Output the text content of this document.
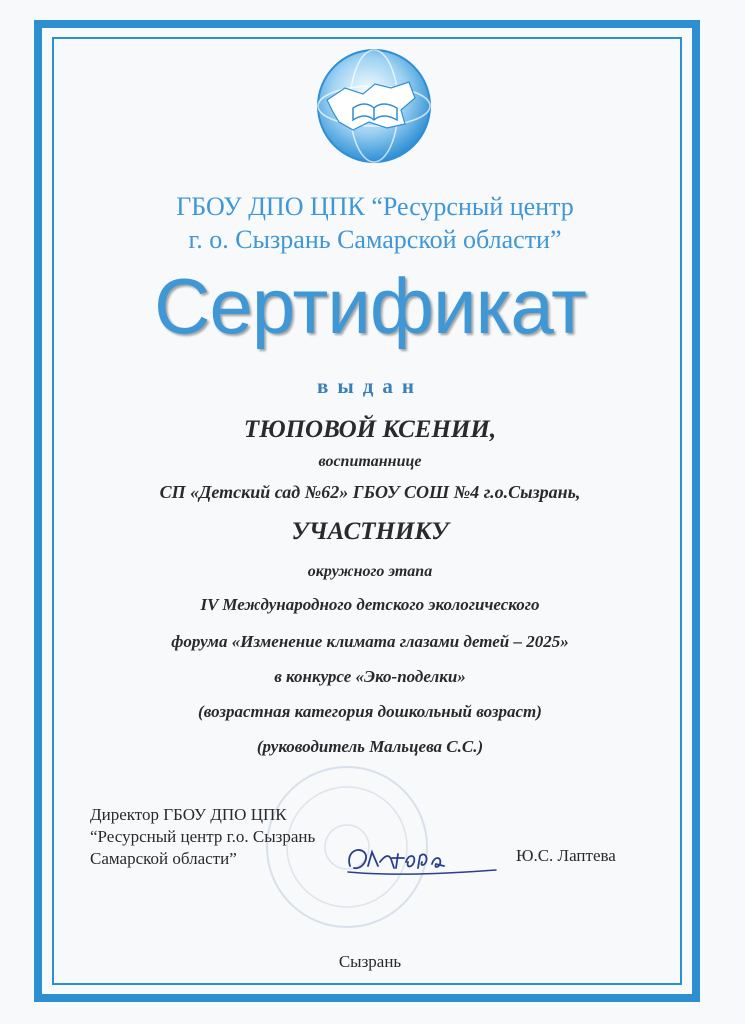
ГБОУ ДПО ЦПК “Ресурсный центр
г. о. Сызрань Самарской области”
Сертификат
выдан
ТЮПОВОЙ КСЕНИИ,
воспитаннице
СП «Детский сад №62» ГБОУ СОШ №4 г.о.Сызрань,
УЧАСТНИКУ
окружного этапа
IV Международного детского экологического
форума «Изменение климата глазами детей – 2025»
в конкурсе «Эко-поделки»
(возрастная категория дошкольный возраст)
(руководитель Мальцева С.С.)
Директор ГБОУ ДПО ЦПК
“Ресурсный центр г.о. Сызрань
Самарской области”	Ю.С. Лаптева
Сызрань
